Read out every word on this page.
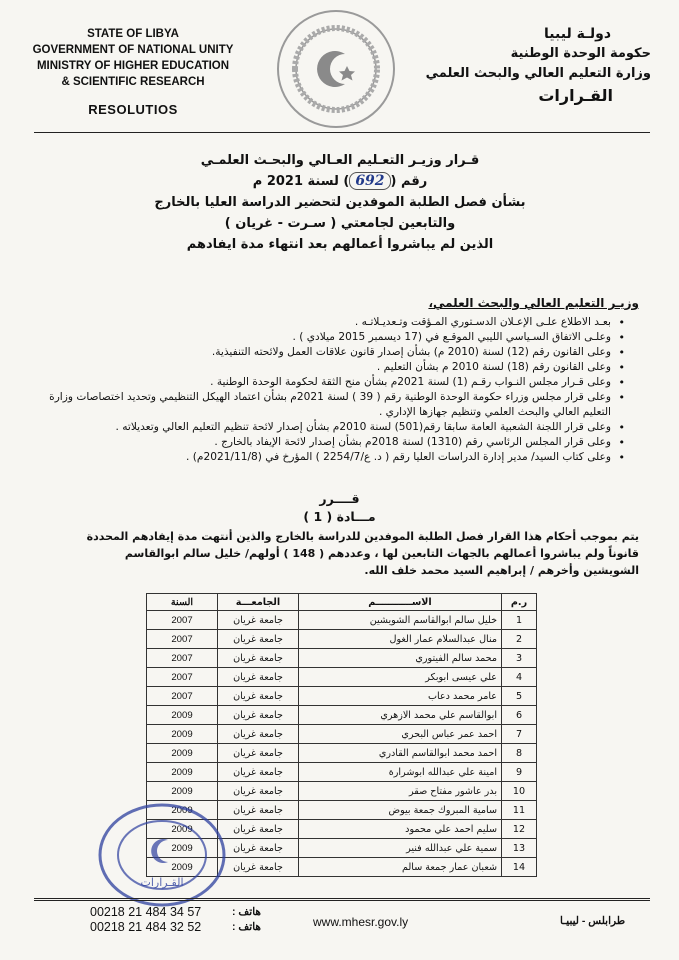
STATE OF LIBYA
GOVERNMENT OF NATIONAL UNITY
MINISTRY OF HIGHER EDUCATION
& SCIENTIFIC RESEARCH
RESOLUTIOS
دولـة ليبيا
حكومة الوحدة الوطنية
وزارة التعليم العالي والبحث العلمي
القـرارات
قـرار وزيـر التعـليم العـالي والبحـث العلمـي
رقم (692) لسنة 2021 م
بشأن فصل الطلبة الموفدين لتحضير الدراسة العليا بالخارج
والتابعين لجامعتي ( سـرت - غريان )
الذين لم يباشروا أعمالهم بعد انتهاء مدة ايفادهم
وزيـر التعليم العالي والبحث العلمي،
• بعـد الاطلاع علـى الإعـلان الدسـتوري المـؤقت وتـعديـلاتـه .
• وعلـى الاتفاق السـياسي الليبي الموقـع في (17 ديسمبر 2015 ميلادي ) .
• وعلى القانون رقم (12) لسنة (2010 م) بشأن إصدار قانون علاقات العمل ولائحته التنفيذية.
• وعلى القانون رقم (18) لسنة 2010 م بشأن التعليم .
• وعلى قـرار مجلس النـواب رقـم (1) لسنة 2021م بشأن منح الثقة لحكومة الوحدة الوطنية .
• وعلى قرار مجلس وزراء حكومة الوحدة الوطنية رقم ( 39 ) لسنة 2021م بشأن اعتماد الهيكل التنظيمي وتحديد اختصاصات وزارة التعليم العالي والبحث العلمي وتنظيم جهازها الإداري .
• وعلى قرار اللجنة الشعبية العامة سابقا رقم(501) لسنة 2010م بشأن إصدار لائحة تنظيم التعليم العالي وتعديلاته .
• وعلى قرار المجلس الرئاسي رقم (1310) لسنة 2018م بشأن إصدار لائحة الإيفاد بالخارج .
• وعلى كتاب السيد/ مدير إدارة الدراسات العليا رقم ( د. ع/2254/7 ) المؤرخ في (2021/11/8م) .
قــــرر
مـــادة ( 1 )
يتم بموجب أحكام هذا القرار فصل الطلبة الموفدين للدراسة بالخارج والذين أنتهت مدة إيفادهم المحددة قانوناً ولم يباشروا أعمالهم بالجهات التابعين لها ، وعددهم ( 148 ) أولهم/ خليل سالم ابوالقاسم الشويشين وأخرهم / إبراهيم السيد محمد خلف الله.
ر.م	الاســـــــــــم	الجامعـــة	السنة
1	خليل سالم ابوالقاسم الشويشين	جامعة غريان	2007
2	منال عبدالسلام عمار الغول	جامعة غريان	2007
3	محمد سالم الفيتوري	جامعة غريان	2007
4	علي عيسى ابوبكر	جامعة غريان	2007
5	عامر محمد دعاب	جامعة غريان	2007
6	ابوالقاسم علي محمد الازهري	جامعة غريان	2009
7	احمد عمر عباس البحري	جامعة غريان	2009
8	احمد محمد ابوالقاسم القادري	جامعة غريان	2009
9	امينة علي عبدالله ابوشرارة	جامعة غريان	2009
10	بدر عاشور مفتاح صقر	جامعة غريان	2009
11	سامية المبروك جمعة بيوض	جامعة غريان	2009
12	سليم احمد علي محمود	جامعة غريان	2009
13	سمية علي عبدالله فنير	جامعة غريان	2009
14	شعبان عمار جمعة سالم	جامعة غريان	2009
القـرارات
00218 21 484 34 57
00218 21 484 32 52
هاتف :
هاتف :	www.mhesr.gov.ly	طرابلس - ليبيـا
